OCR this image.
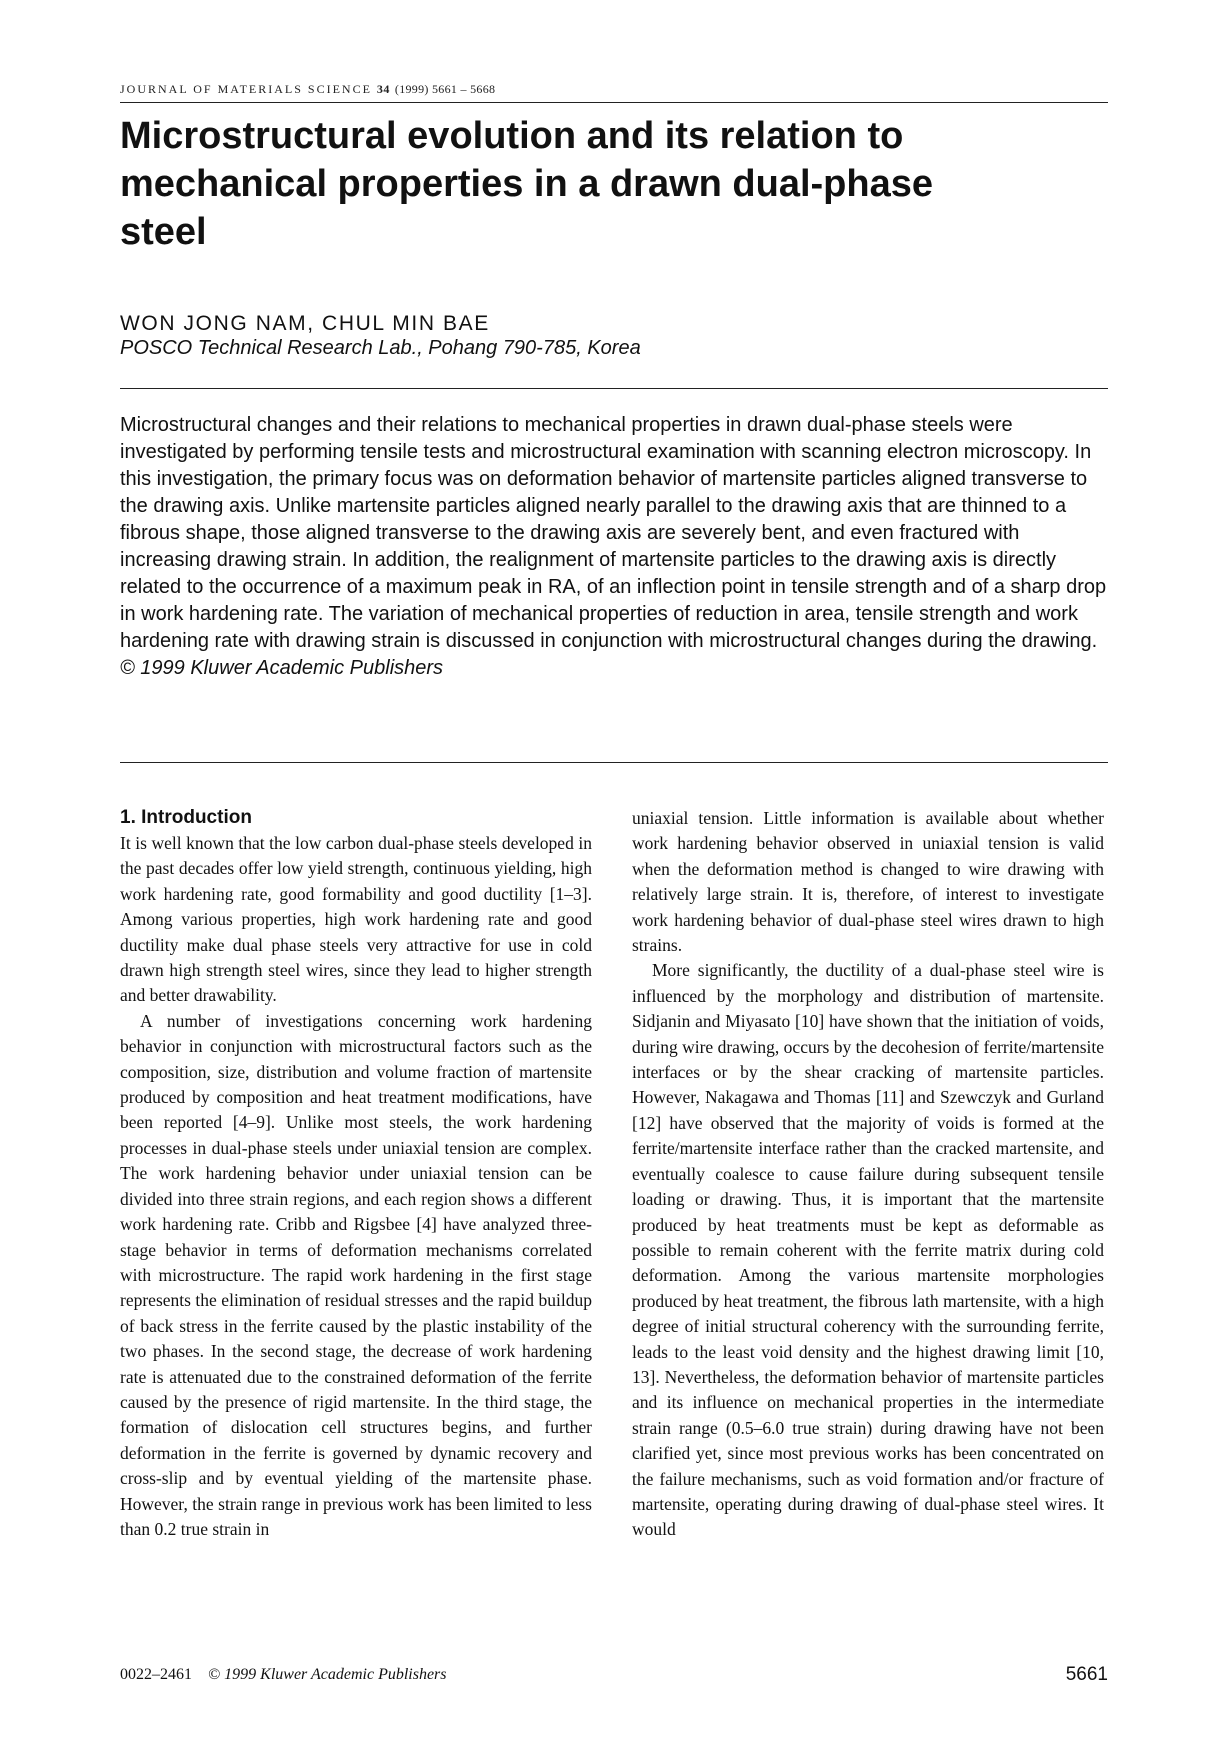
JOURNAL OF MATERIALS SCIENCE 34 (1999) 5661 – 5668
Microstructural evolution and its relation to mechanical properties in a drawn dual-phase steel
WON JONG NAM, CHUL MIN BAE
POSCO Technical Research Lab., Pohang 790-785, Korea

Microstructural changes and their relations to mechanical properties in drawn dual-phase steels were investigated by performing tensile tests and microstructural examination with scanning electron microscopy. In this investigation, the primary focus was on deformation behavior of martensite particles aligned transverse to the drawing axis. Unlike martensite particles aligned nearly parallel to the drawing axis that are thinned to a fibrous shape, those aligned transverse to the drawing axis are severely bent, and even fractured with increasing drawing strain. In addition, the realignment of martensite particles to the drawing axis is directly related to the occurrence of a maximum peak in RA, of an inflection point in tensile strength and of a sharp drop in work hardening rate. The variation of mechanical properties of reduction in area, tensile strength and work hardening rate with drawing strain is discussed in conjunction with microstructural changes during the drawing. © 1999 Kluwer Academic Publishers

1. Introduction

It is well known that the low carbon dual-phase steels developed in the past decades offer low yield strength, continuous yielding, high work hardening rate, good formability and good ductility [1–3]. Among various properties, high work hardening rate and good ductility make dual phase steels very attractive for use in cold drawn high strength steel wires, since they lead to higher strength and better drawability.

A number of investigations concerning work hardening behavior in conjunction with microstructural factors such as the composition, size, distribution and volume fraction of martensite produced by composition and heat treatment modifications, have been reported [4–9]. Unlike most steels, the work hardening processes in dual-phase steels under uniaxial tension are complex. The work hardening behavior under uniaxial tension can be divided into three strain regions, and each region shows a different work hardening rate. Cribb and Rigsbee [4] have analyzed three-stage behavior in terms of deformation mechanisms correlated with microstructure. The rapid work hardening in the first stage represents the elimination of residual stresses and the rapid buildup of back stress in the ferrite caused by the plastic instability of the two phases. In the second stage, the decrease of work hardening rate is attenuated due to the constrained deformation of the ferrite caused by the presence of rigid martensite. In the third stage, the formation of dislocation cell structures begins, and further deformation in the ferrite is governed by dynamic recovery and cross-slip and by eventual yielding of the martensite phase. However, the strain range in previous work has been limited to less than 0.2 true strain in

uniaxial tension. Little information is available about whether work hardening behavior observed in uniaxial tension is valid when the deformation method is changed to wire drawing with relatively large strain. It is, therefore, of interest to investigate work hardening behavior of dual-phase steel wires drawn to high strains.

More significantly, the ductility of a dual-phase steel wire is influenced by the morphology and distribution of martensite. Sidjanin and Miyasato [10] have shown that the initiation of voids, during wire drawing, occurs by the decohesion of ferrite/martensite interfaces or by the shear cracking of martensite particles. However, Nakagawa and Thomas [11] and Szewczyk and Gurland [12] have observed that the majority of voids is formed at the ferrite/martensite interface rather than the cracked martensite, and eventually coalesce to cause failure during subsequent tensile loading or drawing. Thus, it is important that the martensite produced by heat treatments must be kept as deformable as possible to remain coherent with the ferrite matrix during cold deformation. Among the various martensite morphologies produced by heat treatment, the fibrous lath martensite, with a high degree of initial structural coherency with the surrounding ferrite, leads to the least void density and the highest drawing limit [10, 13]. Nevertheless, the deformation behavior of martensite particles and its influence on mechanical properties in the intermediate strain range (0.5–6.0 true strain) during drawing have not been clarified yet, since most previous works has been concentrated on the failure mechanisms, such as void formation and/or fracture of martensite, operating during drawing of dual-phase steel wires. It would

0022–2461 © 1999 Kluwer Academic Publishers	5661
